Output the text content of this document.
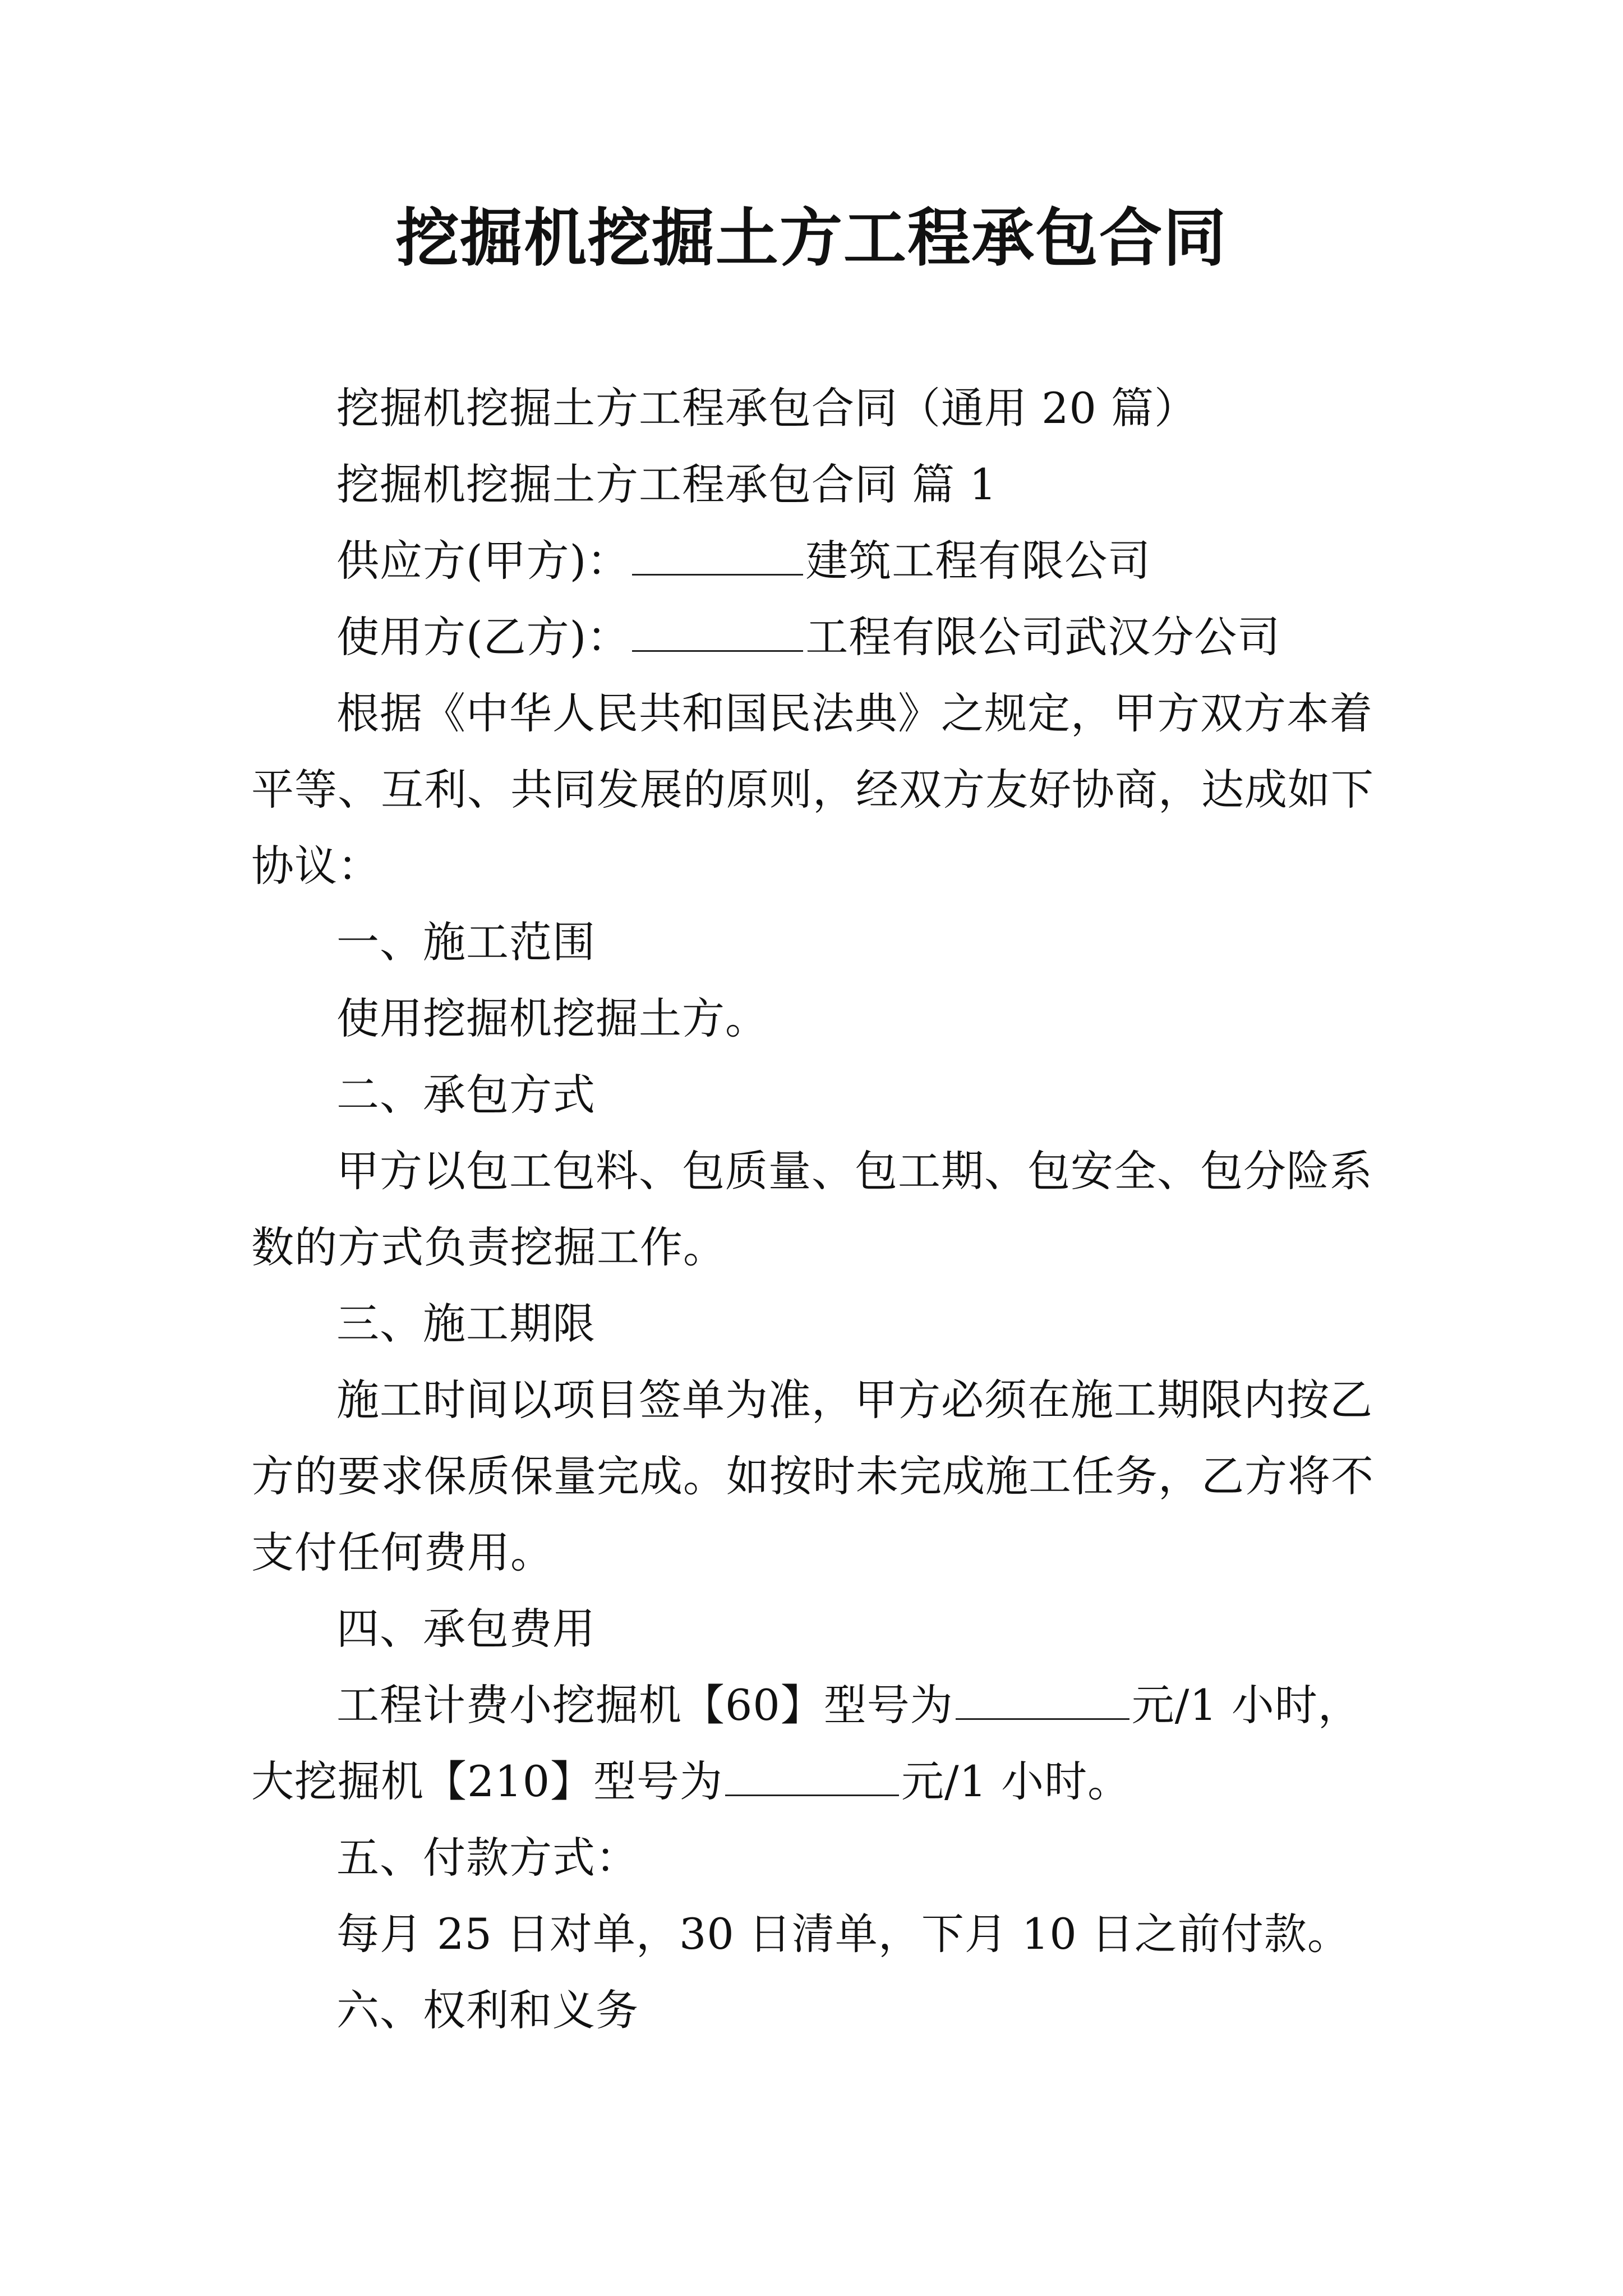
挖掘机挖掘土方工程承包合同

挖掘机挖掘土方工程承包合同（通用 20 篇）

挖掘机挖掘土方工程承包合同 篇 1

供应方(甲方)：	建筑工程有限公司

使用方(乙方)：	工程有限公司武汉分公司

根据《中华人民共和国民法典》之规定，甲方双方本着平等、互利、共同发展的原则，经双方友好协商，达成如下协议：

一、施工范围

使用挖掘机挖掘土方。

二、承包方式

甲方以包工包料、包质量、包工期、包安全、包分险系数的方式负责挖掘工作。

三、施工期限

施工时间以项目签单为准，甲方必须在施工期限内按乙方的要求保质保量完成。如按时未完成施工任务，乙方将不支付任何费用。

四、承包费用

工程计费小挖掘机【60】型号为	元/1 小时，大挖掘机【210】型号为	元/1 小时。

五、付款方式：

每月 25 日对单，30 日清单，下月 10 日之前付款。

六、权利和义务
